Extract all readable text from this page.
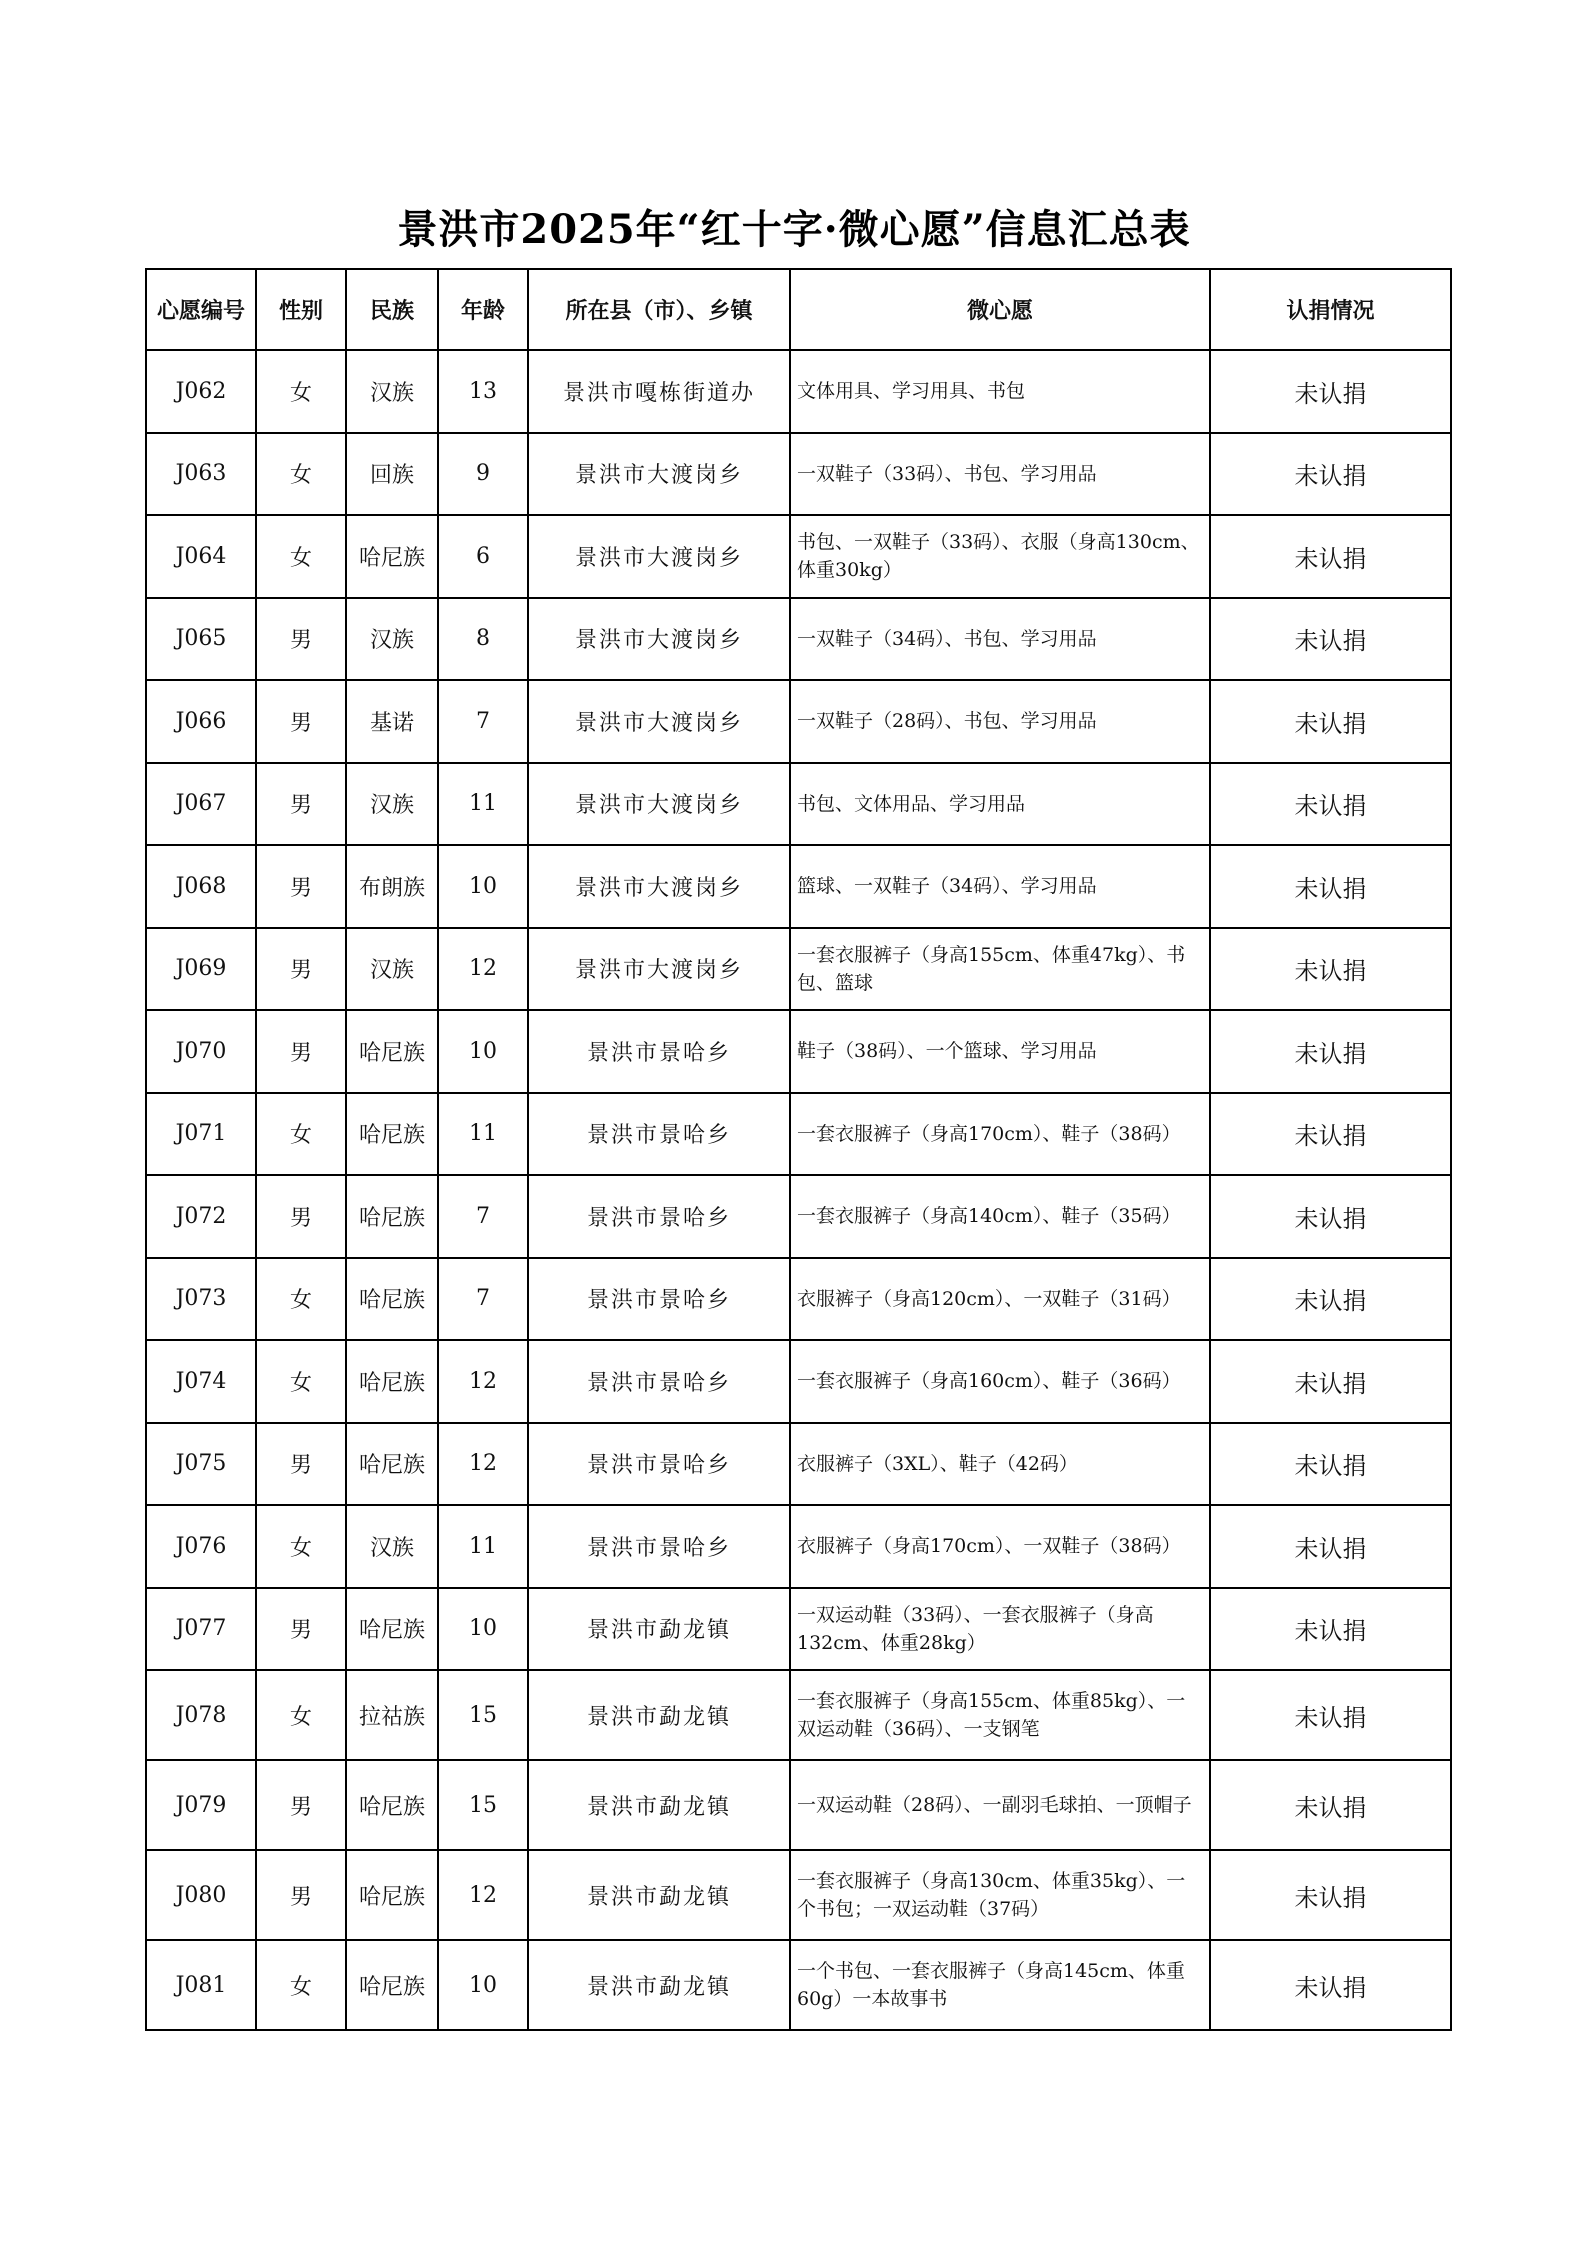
景洪市2025年“红十字·微心愿”信息汇总表
心愿编号	性别	民族	年龄	所在县（市）、乡镇	微心愿	认捐情况
J062	女	汉族	13	景洪市嘎栋街道办	文体用具、学习用具、书包	未认捐
J063	女	回族	9	景洪市大渡岗乡	一双鞋子（33码）、书包、学习用品	未认捐
J064	女	哈尼族	6	景洪市大渡岗乡	书包、一双鞋子（33码）、衣服（身高130cm、体重30kg）	未认捐
J065	男	汉族	8	景洪市大渡岗乡	一双鞋子（34码）、书包、学习用品	未认捐
J066	男	基诺	7	景洪市大渡岗乡	一双鞋子（28码）、书包、学习用品	未认捐
J067	男	汉族	11	景洪市大渡岗乡	书包、文体用品、学习用品	未认捐
J068	男	布朗族	10	景洪市大渡岗乡	篮球、一双鞋子（34码）、学习用品	未认捐
J069	男	汉族	12	景洪市大渡岗乡	一套衣服裤子（身高155cm、体重47kg）、书包、篮球	未认捐
J070	男	哈尼族	10	景洪市景哈乡	鞋子（38码）、一个篮球、学习用品	未认捐
J071	女	哈尼族	11	景洪市景哈乡	一套衣服裤子（身高170cm）、鞋子（38码）	未认捐
J072	男	哈尼族	7	景洪市景哈乡	一套衣服裤子（身高140cm）、鞋子（35码）	未认捐
J073	女	哈尼族	7	景洪市景哈乡	衣服裤子（身高120cm）、一双鞋子（31码）	未认捐
J074	女	哈尼族	12	景洪市景哈乡	一套衣服裤子（身高160cm）、鞋子（36码）	未认捐
J075	男	哈尼族	12	景洪市景哈乡	衣服裤子（3XL）、鞋子（42码）	未认捐
J076	女	汉族	11	景洪市景哈乡	衣服裤子（身高170cm）、一双鞋子（38码）	未认捐
J077	男	哈尼族	10	景洪市勐龙镇	一双运动鞋（33码）、一套衣服裤子（身高132cm、体重28kg）	未认捐
J078	女	拉祜族	15	景洪市勐龙镇	一套衣服裤子（身高155cm、体重85kg）、一双运动鞋（36码）、一支钢笔	未认捐
J079	男	哈尼族	15	景洪市勐龙镇	一双运动鞋（28码）、一副羽毛球拍、一顶帽子	未认捐
J080	男	哈尼族	12	景洪市勐龙镇	一套衣服裤子（身高130cm、体重35kg）、一个书包；一双运动鞋（37码）	未认捐
J081	女	哈尼族	10	景洪市勐龙镇	一个书包、一套衣服裤子（身高145cm、体重60g）一本故事书	未认捐
